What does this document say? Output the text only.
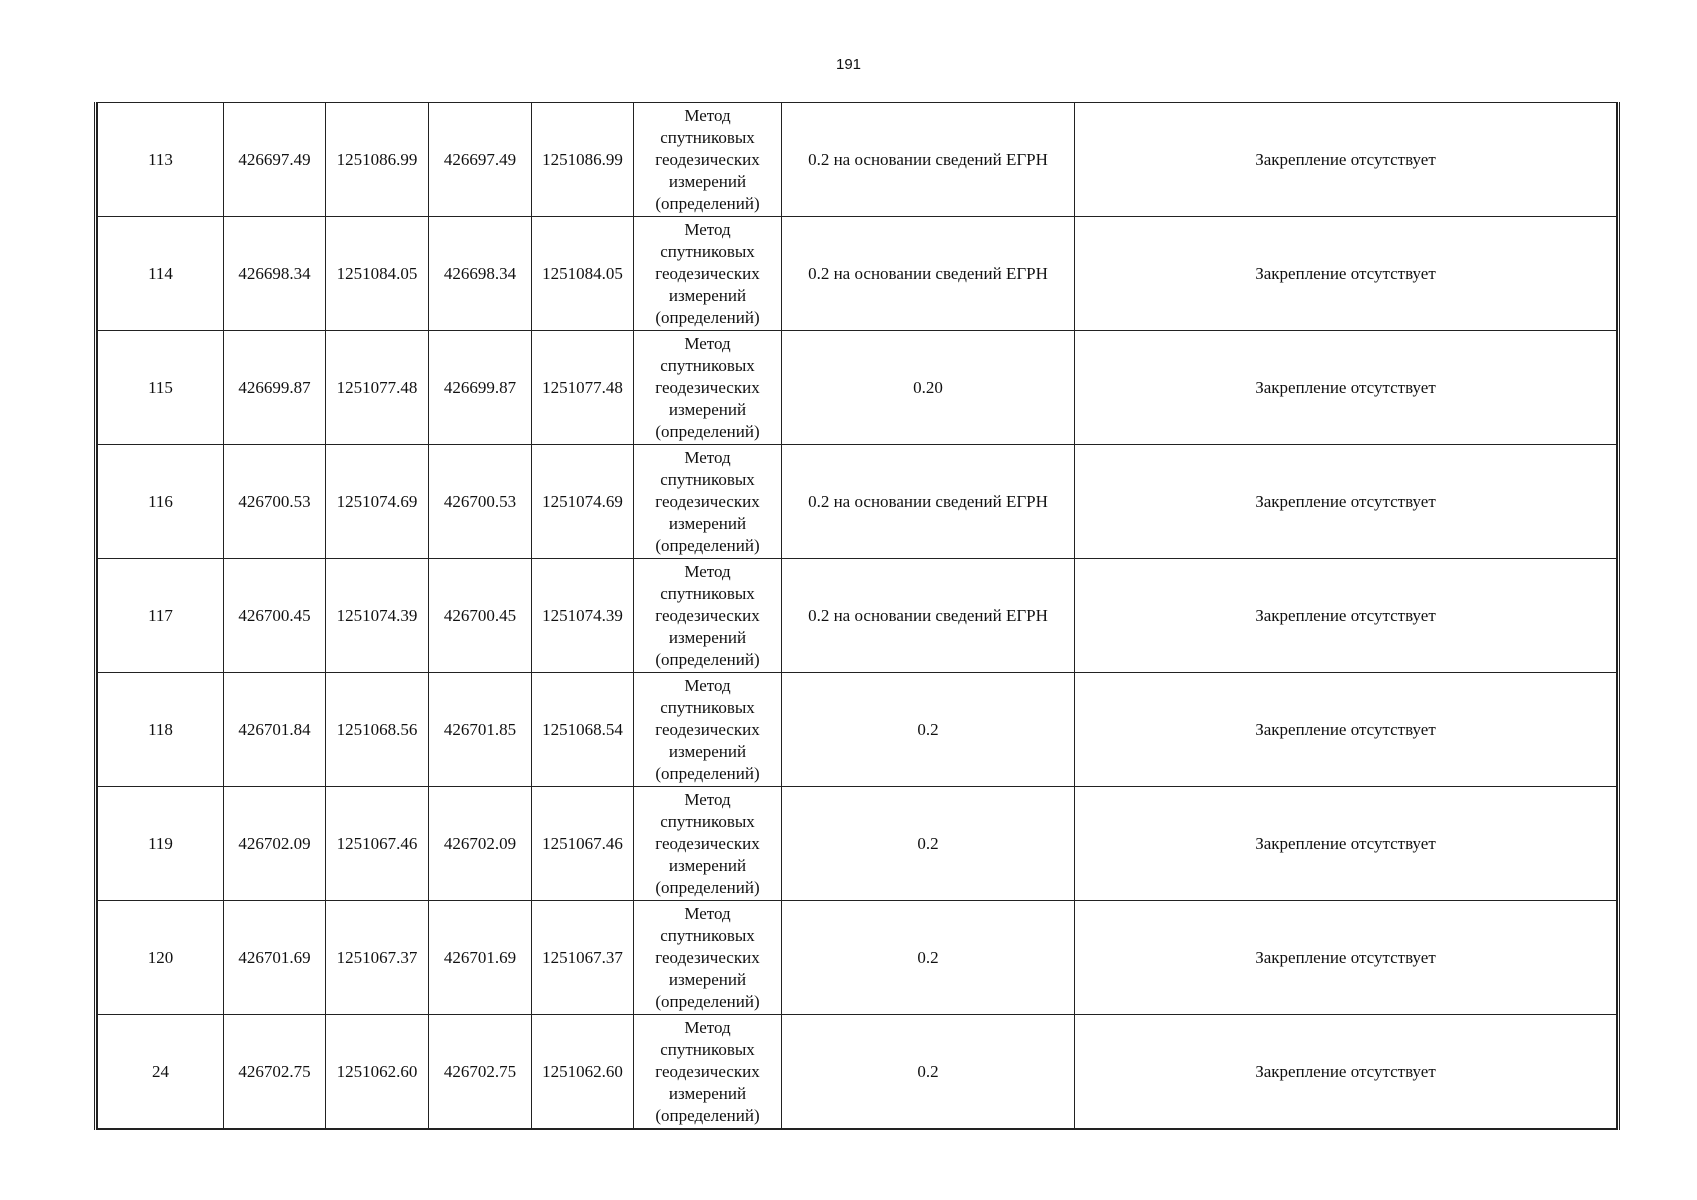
191
113	426697.49	1251086.99	426697.49	1251086.99	Метод
спутниковых
геодезических
измерений
(определений)	0.2 на основании сведений ЕГРН	Закрепление отсутствует
114	426698.34	1251084.05	426698.34	1251084.05	Метод
спутниковых
геодезических
измерений
(определений)	0.2 на основании сведений ЕГРН	Закрепление отсутствует
115	426699.87	1251077.48	426699.87	1251077.48	Метод
спутниковых
геодезических
измерений
(определений)	0.20	Закрепление отсутствует
116	426700.53	1251074.69	426700.53	1251074.69	Метод
спутниковых
геодезических
измерений
(определений)	0.2 на основании сведений ЕГРН	Закрепление отсутствует
117	426700.45	1251074.39	426700.45	1251074.39	Метод
спутниковых
геодезических
измерений
(определений)	0.2 на основании сведений ЕГРН	Закрепление отсутствует
118	426701.84	1251068.56	426701.85	1251068.54	Метод
спутниковых
геодезических
измерений
(определений)	0.2	Закрепление отсутствует
119	426702.09	1251067.46	426702.09	1251067.46	Метод
спутниковых
геодезических
измерений
(определений)	0.2	Закрепление отсутствует
120	426701.69	1251067.37	426701.69	1251067.37	Метод
спутниковых
геодезических
измерений
(определений)	0.2	Закрепление отсутствует
24	426702.75	1251062.60	426702.75	1251062.60	Метод
спутниковых
геодезических
измерений
(определений)	0.2	Закрепление отсутствует
